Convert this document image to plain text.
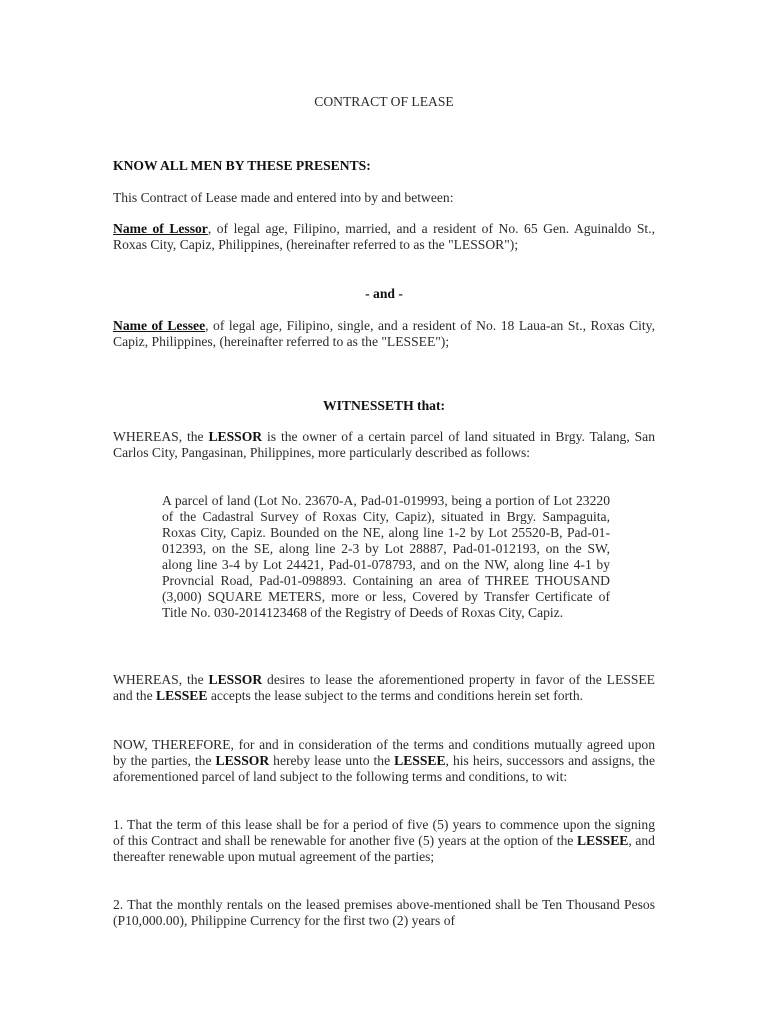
CONTRACT OF LEASE

KNOW ALL MEN BY THESE PRESENTS:

This Contract of Lease made and entered into by and between:

Name of Lessor, of legal age, Filipino, married, and a resident of No. 65 Gen. Aguinaldo St., Roxas City, Capiz, Philippines, (hereinafter referred to as the "LESSOR");

- and -

Name of Lessee, of legal age, Filipino, single, and a resident of No. 18 Laua-an St., Roxas City, Capiz, Philippines, (hereinafter referred to as the "LESSEE");

WITNESSETH that:

WHEREAS, the LESSOR is the owner of a certain parcel of land situated in Brgy. Talang, San Carlos City, Pangasinan, Philippines, more particularly described as follows:

A parcel of land (Lot No. 23670-A, Pad-01-019993, being a portion of Lot 23220 of the Cadastral Survey of Roxas City, Capiz), situated in Brgy. Sampaguita, Roxas City, Capiz. Bounded on the NE, along line 1-2 by Lot 25520-B, Pad-01-012393, on the SE, along line 2-3 by Lot 28887, Pad-01-012193, on the SW, along line 3-4 by Lot 24421, Pad-01-078793, and on the NW, along line 4-1 by Provncial Road, Pad-01-098893. Containing an area of THREE THOUSAND (3,000) SQUARE METERS, more or less, Covered by Transfer Certificate of Title No. 030-2014123468 of the Registry of Deeds of Roxas City, Capiz.

WHEREAS, the LESSOR desires to lease the aforementioned property in favor of the LESSEE and the LESSEE accepts the lease subject to the terms and conditions herein set forth.

NOW, THEREFORE, for and in consideration of the terms and conditions mutually agreed upon by the parties, the LESSOR hereby lease unto the LESSEE, his heirs, successors and assigns, the aforementioned parcel of land subject to the following terms and conditions, to wit:

1. That the term of this lease shall be for a period of five (5) years to commence upon the signing of this Contract and shall be renewable for another five (5) years at the option of the LESSEE, and thereafter renewable upon mutual agreement of the parties;

2. That the monthly rentals on the leased premises above-mentioned shall be Ten Thousand Pesos (P10,000.00), Philippine Currency for the first two (2) years of
